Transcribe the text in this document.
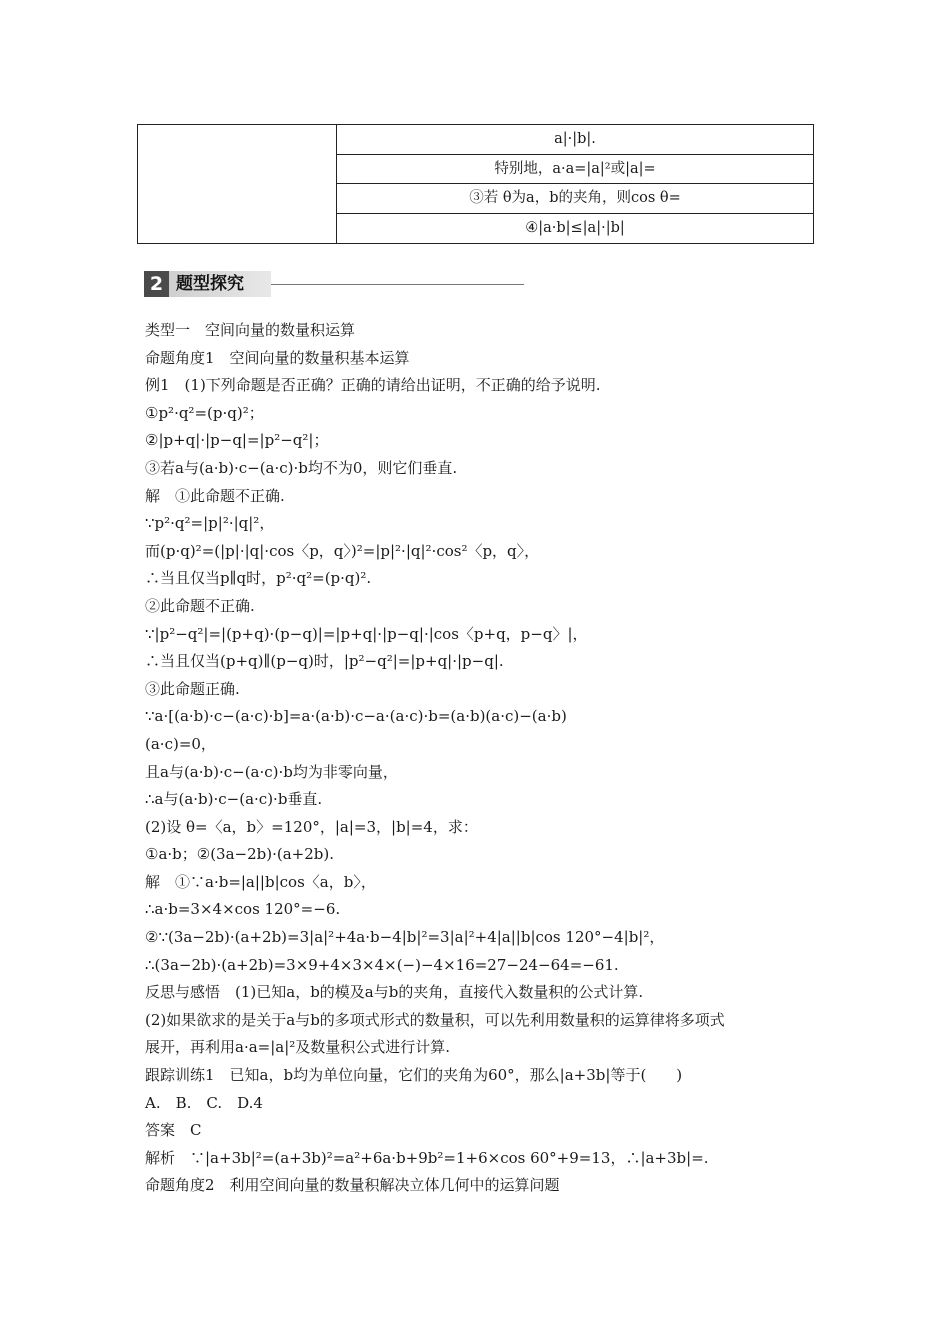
a|·|b|.
特别地，a·a=|a|²或|a|=
③若 θ为a，b的夹角，则cos θ=
④|a·b|≤|a|·|b|
2 题型探究
类型一　空间向量的数量积运算
命题角度1　空间向量的数量积基本运算
例1　(1)下列命题是否正确？正确的请给出证明，不正确的给予说明.
①p²·q²=(p·q)²；
②|p+q|·|p−q|=|p²−q²|；
③若a与(a·b)·c−(a·c)·b均不为0，则它们垂直.
解　①此命题不正确.
∵p²·q²=|p|²·|q|²，
而(p·q)²=(|p|·|q|·cos〈p，q〉)²=|p|²·|q|²·cos²〈p，q〉，
∴当且仅当p∥q时，p²·q²=(p·q)².
②此命题不正确.
∵|p²−q²|=|(p+q)·(p−q)|=|p+q|·|p−q|·|cos〈p+q，p−q〉|，
∴当且仅当(p+q)∥(p−q)时，|p²−q²|=|p+q|·|p−q|.
③此命题正确.
∵a·[(a·b)·c−(a·c)·b]=a·(a·b)·c−a·(a·c)·b=(a·b)(a·c)−(a·b)
(a·c)=0，
且a与(a·b)·c−(a·c)·b均为非零向量，
∴a与(a·b)·c−(a·c)·b垂直.
(2)设 θ=〈a，b〉=120°，|a|=3，|b|=4，求：
①a·b；②(3a−2b)·(a+2b).
解　①∵a·b=|a||b|cos〈a，b〉，
∴a·b=3×4×cos 120°=−6.
②∵(3a−2b)·(a+2b)=3|a|²+4a·b−4|b|²=3|a|²+4|a||b|cos 120°−4|b|²，
∴(3a−2b)·(a+2b)=3×9+4×3×4×(−)−4×16=27−24−64=−61.
反思与感悟　(1)已知a，b的模及a与b的夹角，直接代入数量积的公式计算.
(2)如果欲求的是关于a与b的多项式形式的数量积，可以先利用数量积的运算律将多项式
展开，再利用a·a=|a|²及数量积公式进行计算.
跟踪训练1　已知a，b均为单位向量，它们的夹角为60°，那么|a+3b|等于(　　)
A.　B.　C.　D.4
答案　C
解析　∵|a+3b|²=(a+3b)²=a²+6a·b+9b²=1+6×cos 60°+9=13，∴|a+3b|=.
命题角度2　利用空间向量的数量积解决立体几何中的运算问题
